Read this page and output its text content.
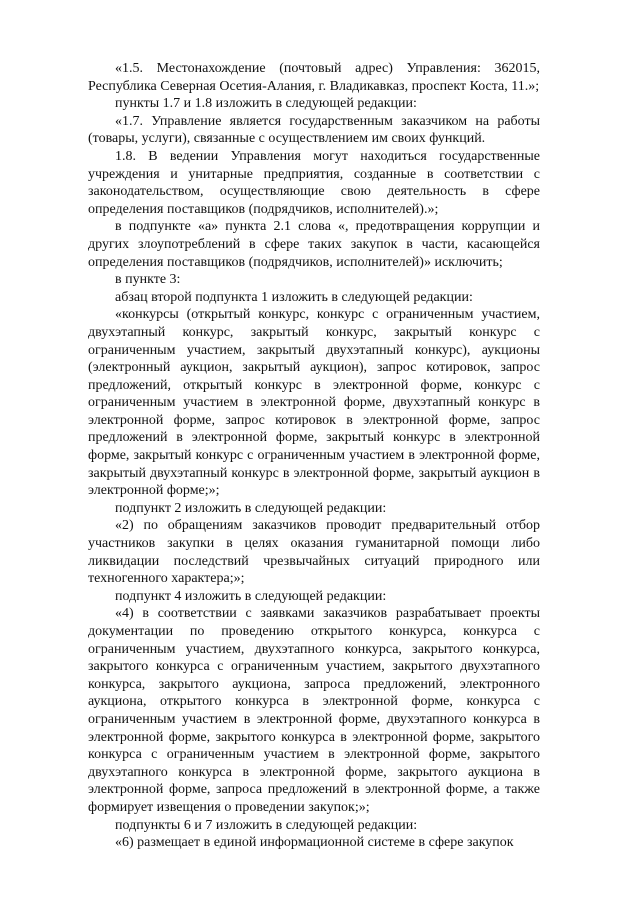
«1.5. Местонахождение (почтовый адрес) Управления: 362015, Республика Северная Осетия-Алания, г. Владикавказ, проспект Коста, 11.»;

пункты 1.7 и 1.8 изложить в следующей редакции:

«1.7. Управление является государственным заказчиком на работы (товары, услуги), связанные с осуществлением им своих функций.

1.8. В ведении Управления могут находиться государственные учреждения и унитарные предприятия, созданные в соответствии с законодательством, осуществляющие свою деятельность в сфере определения поставщиков (подрядчиков, исполнителей).»;

в подпункте «а» пункта 2.1 слова «, предотвращения коррупции и других злоупотреблений в сфере таких закупок в части, касающейся определения поставщиков (подрядчиков, исполнителей)» исключить;

в пункте 3:

абзац второй подпункта 1 изложить в следующей редакции:

«конкурсы (открытый конкурс, конкурс с ограниченным участием, двухэтапный конкурс, закрытый конкурс, закрытый конкурс с ограниченным участием, закрытый двухэтапный конкурс), аукционы (электронный аукцион, закрытый аукцион), запрос котировок, запрос предложений, открытый конкурс в электронной форме, конкурс с ограниченным участием в электронной форме, двухэтапный конкурс в электронной форме, запрос котировок в электронной форме, запрос предложений в электронной форме, закрытый конкурс в электронной форме, закрытый конкурс с ограниченным участием в электронной форме, закрытый двухэтапный конкурс в электронной форме, закрытый аукцион в электронной форме;»;

подпункт 2 изложить в следующей редакции:

«2) по обращениям заказчиков проводит предварительный отбор участников закупки в целях оказания гуманитарной помощи либо ликвидации последствий чрезвычайных ситуаций природного или техногенного характера;»;

подпункт 4 изложить в следующей редакции:

«4) в соответствии с заявками заказчиков разрабатывает проекты документации по проведению открытого конкурса, конкурса с ограниченным участием, двухэтапного конкурса, закрытого конкурса, закрытого конкурса с ограниченным участием, закрытого двухэтапного конкурса, закрытого аукциона, запроса предложений, электронного аукциона, открытого конкурса в электронной форме, конкурса с ограниченным участием в электронной форме, двухэтапного конкурса в электронной форме, закрытого конкурса в электронной форме, закрытого конкурса с ограниченным участием в электронной форме, закрытого двухэтапного конкурса в электронной форме, закрытого аукциона в электронной форме, запроса предложений в электронной форме, а также формирует извещения о проведении закупок;»;

подпункты 6 и 7 изложить в следующей редакции:

«6) размещает в единой информационной системе в сфере закупок
